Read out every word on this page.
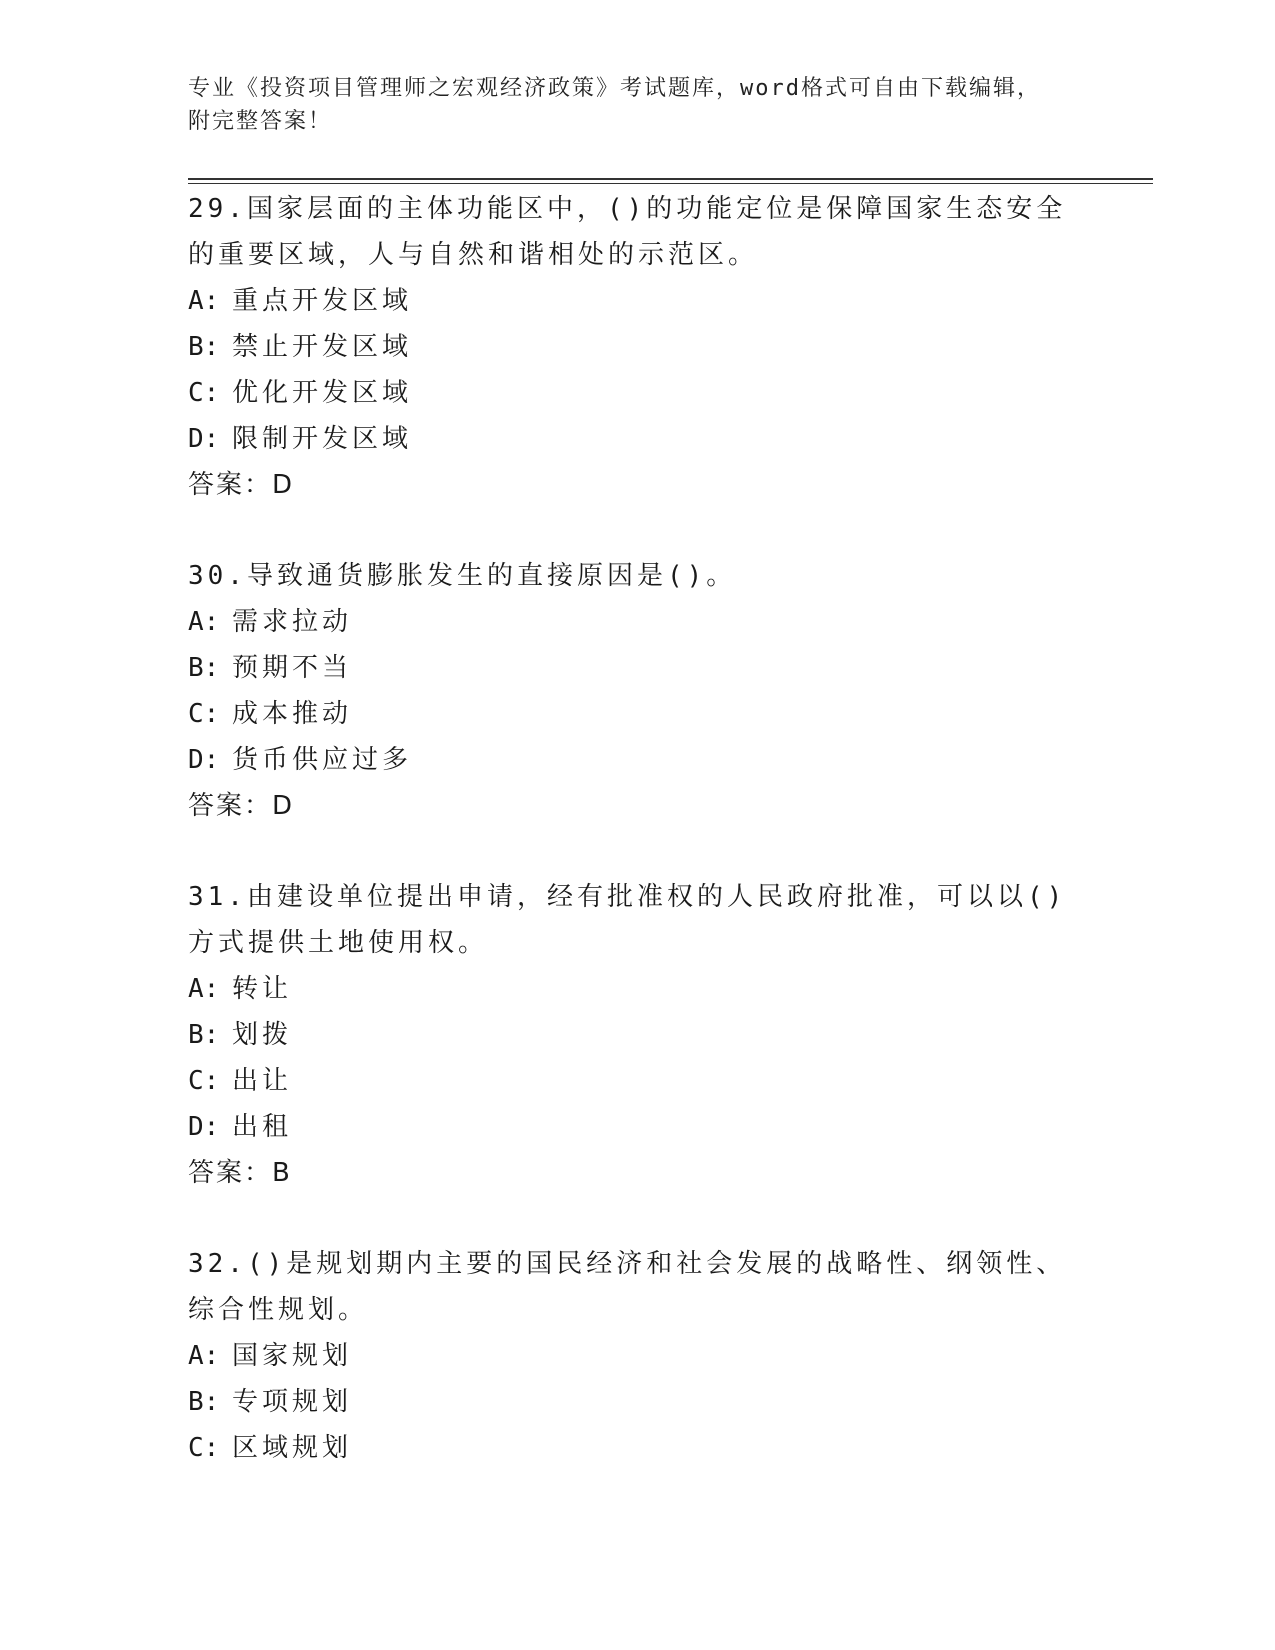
专业《投资项目管理师之宏观经济政策》考试题库，word格式可自由下载编辑，
附完整答案！
29.国家层面的主体功能区中，()的功能定位是保障国家生态安全的重要区域，人与自然和谐相处的示范区。
A: 重点开发区域
B: 禁止开发区域
C: 优化开发区域
D: 限制开发区域
答案：D
30.导致通货膨胀发生的直接原因是()。
A: 需求拉动
B: 预期不当
C: 成本推动
D: 货币供应过多
答案：D
31.由建设单位提出申请，经有批准权的人民政府批准，可以以()方式提供土地使用权。
A: 转让
B: 划拨
C: 出让
D: 出租
答案：B
32.()是规划期内主要的国民经济和社会发展的战略性、纲领性、综合性规划。
A: 国家规划
B: 专项规划
C: 区域规划
